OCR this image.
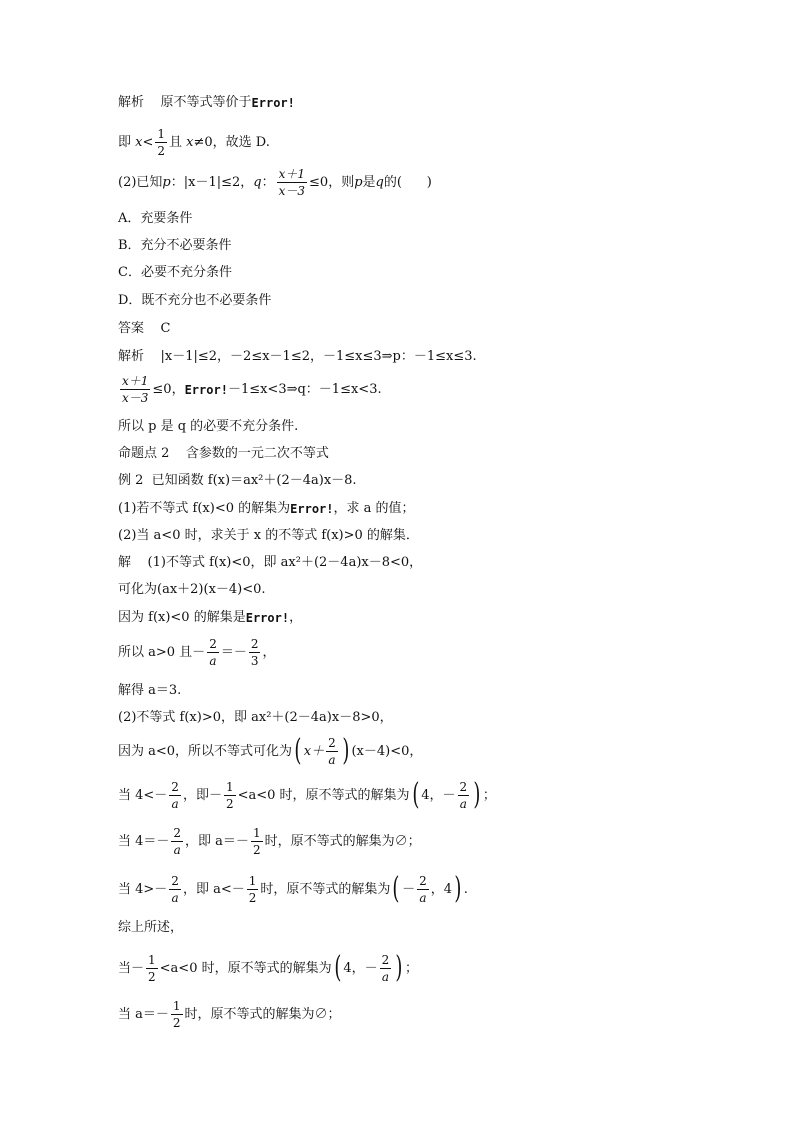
解析    原不等式等价于 Error!
即 $x < \frac{1}{2}$ 且 x ≠0，故选 D.
(2)已知 p ：|x－1|≤2， q ： $\frac{x+1}{x-3} \le 0$，则 p 是 q 的(      )
A．充要条件
B．充分不必要条件
C．必要不充分条件
D．既不充分也不必要条件
答案    C
解析    |x－1|≤2，－2≤x－1≤2，－1≤x≤3⇒p：－1≤x≤3.
$\frac{x+1}{x-3} \le 0$， Error! －1≤x<3⇒q：－1≤x<3.
所以 p 是 q 的必要不充分条件.
命题点 2    含参数的一元二次不等式
例 2  已知函数 f(x)＝ax²＋(2－4a)x－8.
(1)若不等式 f(x)<0 的解集为 Error! ，求 a 的值；
(2)当 a<0 时，求关于 x 的不等式 f(x)>0 的解集．
解    (1)不等式 f(x)<0，即 ax²＋(2－4a)x－8<0，
可化为(ax＋2)(x－4)<0.
因为 f(x)<0 的解集是 Error! ，
所以 a>0 且－ $\frac{2}{a} =- \frac{2}{3}$ ，
解得 a＝3.
(2)不等式 f(x)>0，即 ax²＋(2－4a)x－8>0，
因为 a<0，所以不等式可化为 ( $x+ \frac{2}{a}$ ) (x－4)<0，
当 $4<- \frac{2}{a}$ ，即－ $\frac{1}{2} <a<0$ 时，原不等式的解集为 ( 4，－ $\frac{2}{a}$ ) ；
当 $4=- \frac{2}{a}$ ，即 $a=- \frac{1}{2}$ 时，原不等式的解集为∅；
当 $4>- \frac{2}{a}$ ，即 $a<- \frac{1}{2}$ 时，原不等式的解集为 ( － $\frac{2}{a}$ ，4 ) .
综上所述，
当－ $\frac{1}{2} <a<0$ 时，原不等式的解集为 ( 4，－ $\frac{2}{a}$ ) ；
当 $a=- \frac{1}{2}$ 时，原不等式的解集为∅；
